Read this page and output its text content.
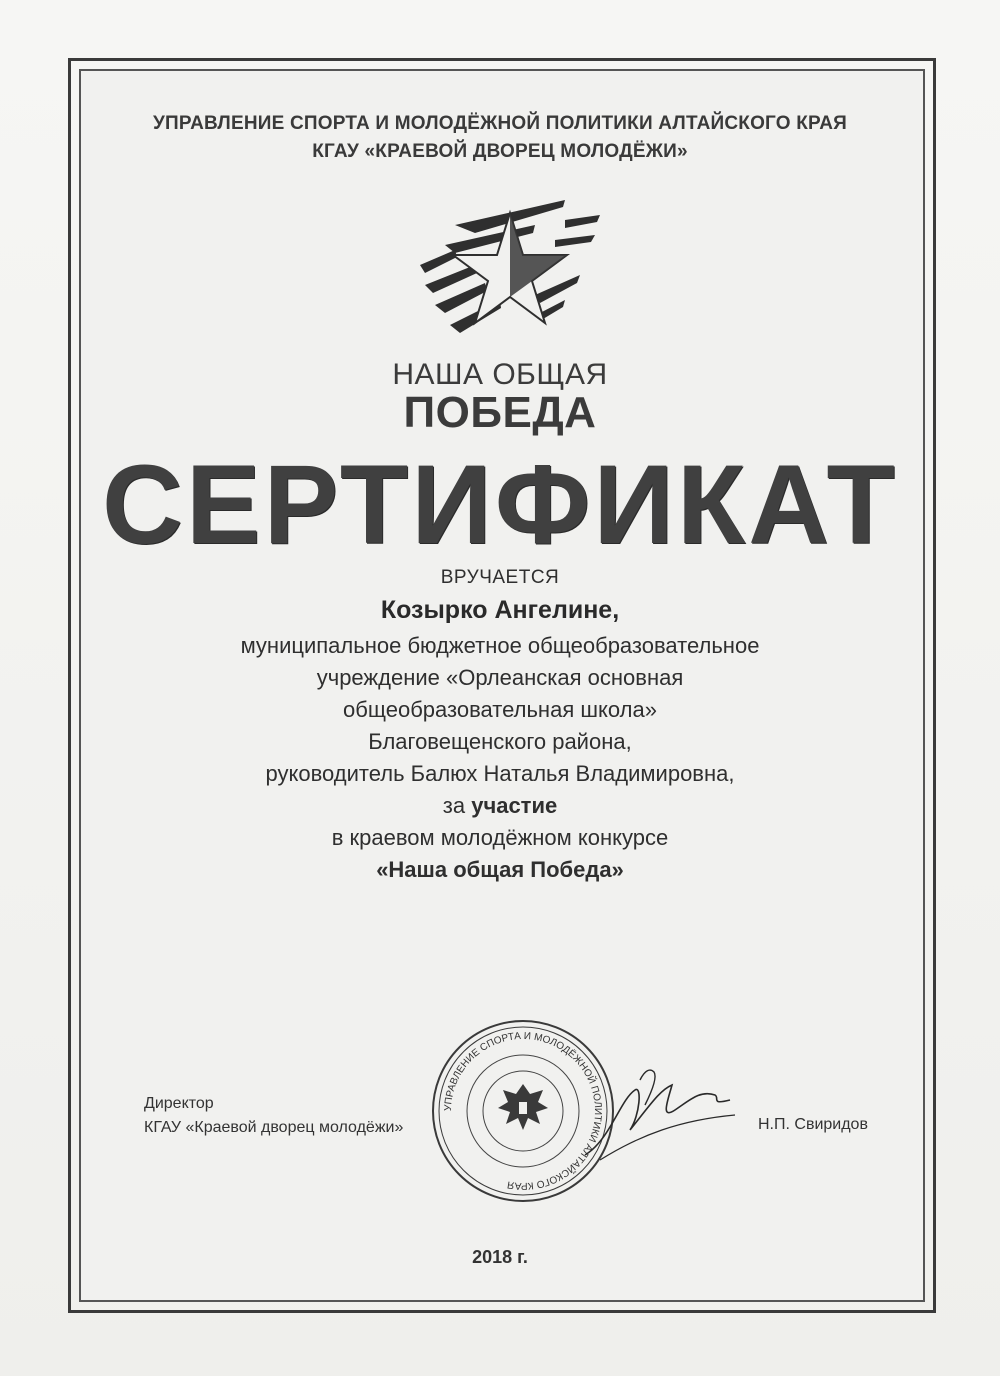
УПРАВЛЕНИЕ СПОРТА И МОЛОДЁЖНОЙ ПОЛИТИКИ АЛТАЙСКОГО КРАЯ
КГАУ «КРАЕВОЙ ДВОРЕЦ МОЛОДЁЖИ»
НАША ОБЩАЯ
ПОБЕДА
СЕРТИФИКАТ
ВРУЧАЕТСЯ
Козырко Ангелине,
муниципальное бюджетное общеобразовательное
учреждение «Орлеанская основная
общеобразовательная школа»
Благовещенского района,
руководитель Балюх Наталья Владимировна,
за участие
в краевом молодёжном конкурсе
«Наша общая Победа»
Директор
КГАУ «Краевой дворец молодёжи»
УПРАВЛЕНИЕ СПОРТА И МОЛОДЁЖНОЙ ПОЛИТИКИ АЛТАЙСКОГО КРАЯ
Н.П. Свиридов
2018 г.
